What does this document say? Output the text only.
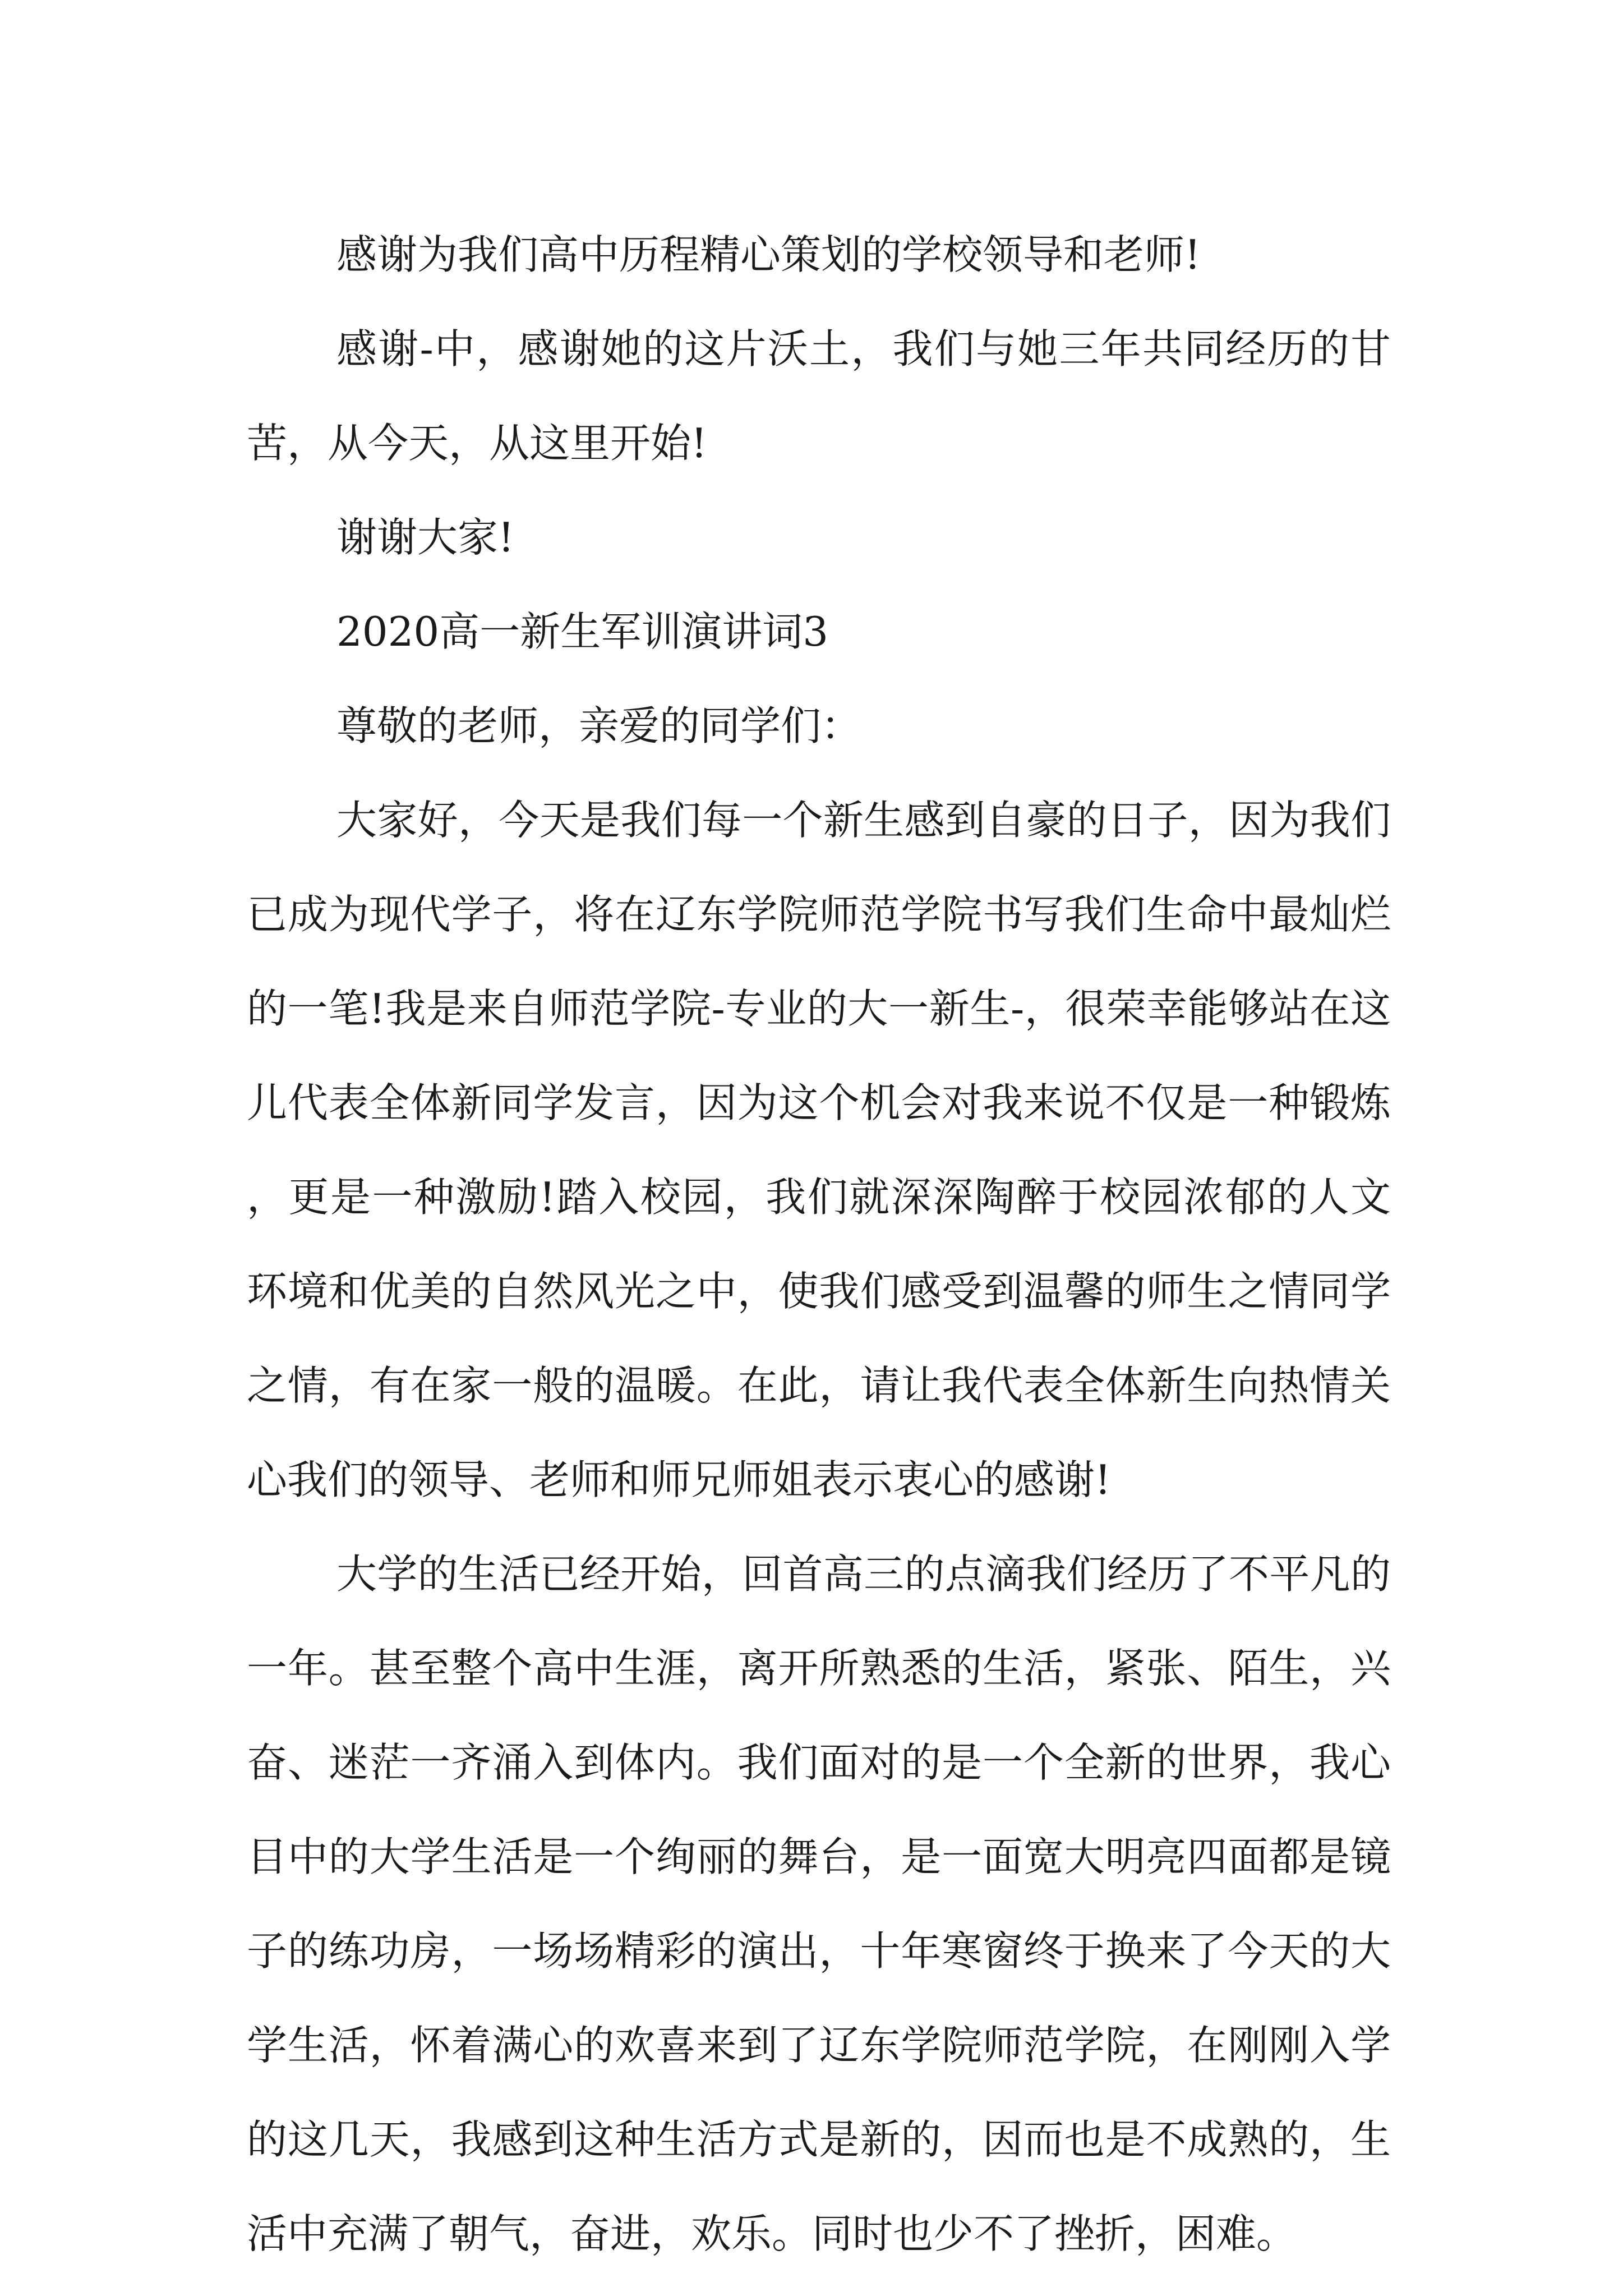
感谢为我们高中历程精心策划的学校领导和老师!

感谢-中，感谢她的这片沃土，我们与她三年共同经历的甘苦，从今天，从这里开始!

谢谢大家!

2020高一新生军训演讲词3

尊敬的老师，亲爱的同学们：

大家好，今天是我们每一个新生感到自豪的日子，因为我们已成为现代学子，将在辽东学院师范学院书写我们生命中最灿烂的一笔!我是来自师范学院-专业的大一新生-，很荣幸能够站在这儿代表全体新同学发言，因为这个机会对我来说不仅是一种锻炼，更是一种激励!踏入校园，我们就深深陶醉于校园浓郁的人文环境和优美的自然风光之中，使我们感受到温馨的师生之情同学之情，有在家一般的温暖。在此，请让我代表全体新生向热情关心我们的领导、老师和师兄师姐表示衷心的感谢!

大学的生活已经开始，回首高三的点滴我们经历了不平凡的一年。甚至整个高中生涯，离开所熟悉的生活，紧张、陌生，兴奋、迷茫一齐涌入到体内。我们面对的是一个全新的世界，我心目中的大学生活是一个绚丽的舞台，是一面宽大明亮四面都是镜子的练功房，一场场精彩的演出，十年寒窗终于换来了今天的大学生活，怀着满心的欢喜来到了辽东学院师范学院，在刚刚入学的这几天，我感到这种生活方式是新的，因而也是不成熟的，生活中充满了朝气，奋进，欢乐。同时也少不了挫折，困难。
